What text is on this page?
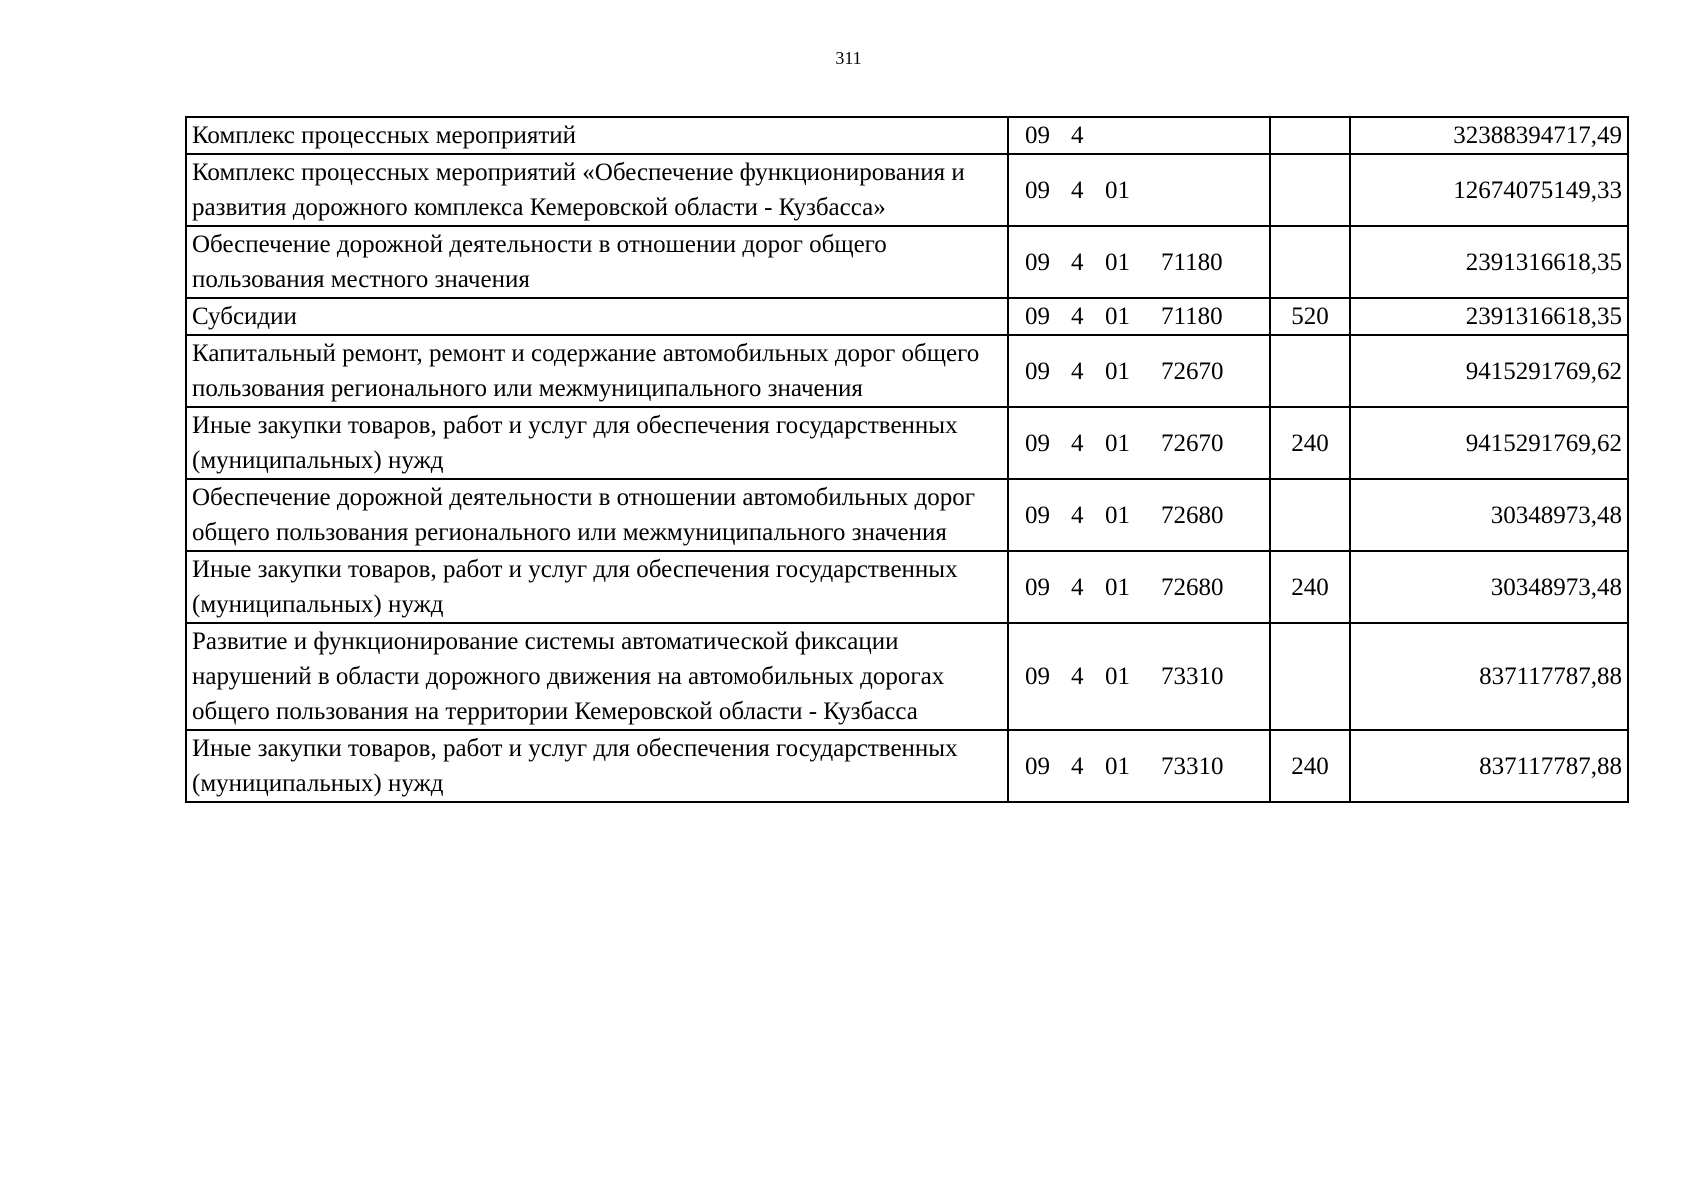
311
Комплекс процессных мероприятий	09 4		32388394717,49
Комплекс процессных мероприятий «Обеспечение функционирования и развития дорожного комплекса Кемеровской области - Кузбасса»	09 4 01		12674075149,33
Обеспечение дорожной деятельности в отношении дорог общего пользования местного значения	09 4 01 71180		2391316618,35
Субсидии	09 4 01 71180	520	2391316618,35
Капитальный ремонт, ремонт и содержание автомобильных дорог общего пользования регионального или межмуниципального значения	09 4 01 72670		9415291769,62
Иные закупки товаров, работ и услуг для обеспечения государственных (муниципальных) нужд	09 4 01 72670	240	9415291769,62
Обеспечение дорожной деятельности в отношении автомобильных дорог общего пользования регионального или межмуниципального значения	09 4 01 72680		30348973,48
Иные закупки товаров, работ и услуг для обеспечения государственных (муниципальных) нужд	09 4 01 72680	240	30348973,48
Развитие и функционирование системы автоматической фиксации нарушений в области дорожного движения на автомобильных дорогах общего пользования на территории Кемеровской области - Кузбасса	09 4 01 73310		837117787,88
Иные закупки товаров, работ и услуг для обеспечения государственных (муниципальных) нужд	09 4 01 73310	240	837117787,88
